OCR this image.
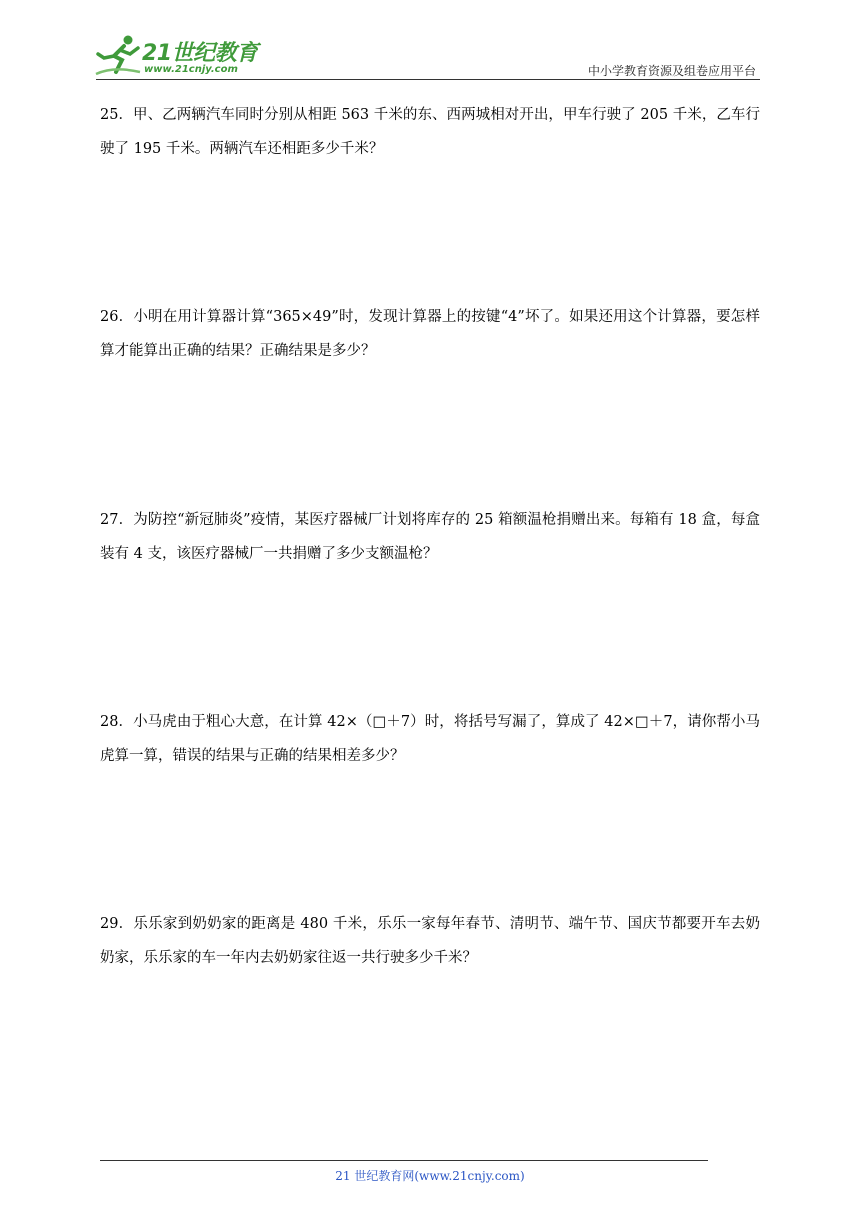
21世纪教育
www.21cnjy.com	中小学教育资源及组卷应用平台
25．甲、乙两辆汽车同时分别从相距 563 千米的东、西两城相对开出，甲车行驶了 205 千米，乙车行驶了 195 千米。两辆汽车还相距多少千米？
26．小明在用计算器计算“365×49”时，发现计算器上的按键“4”坏了。如果还用这个计算器，要怎样算才能算出正确的结果？正确结果是多少？
27．为防控“新冠肺炎”疫情，某医疗器械厂计划将库存的 25 箱额温枪捐赠出来。每箱有 18 盒，每盒装有 4 支，该医疗器械厂一共捐赠了多少支额温枪？
28．小马虎由于粗心大意，在计算 42×（□＋7）时，将括号写漏了，算成了 42×□＋7，请你帮小马虎算一算，错误的结果与正确的结果相差多少？
29．乐乐家到奶奶家的距离是 480 千米，乐乐一家每年春节、清明节、端午节、国庆节都要开车去奶奶家，乐乐家的车一年内去奶奶家往返一共行驶多少千米？
21 世纪教育网(www.21cnjy.com)
